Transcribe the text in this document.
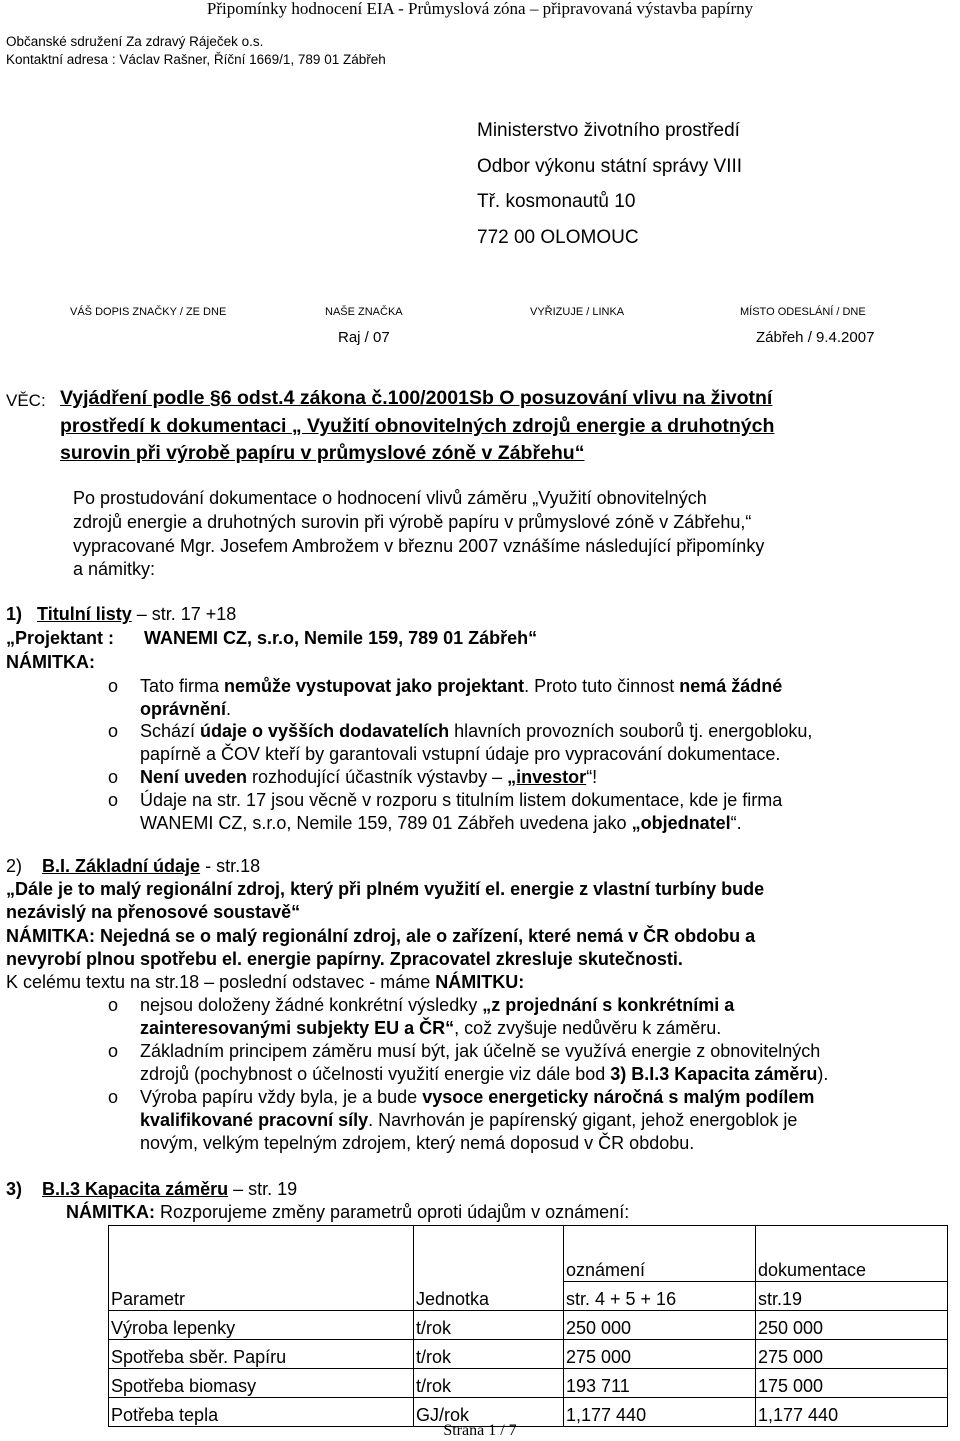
Připomínky hodnocení EIA - Průmyslová zóna – připravovaná výstavba papírny
Občanské sdružení Za zdravý Ráječek o.s.
Kontaktní adresa : Václav Rašner, Říční 1669/1, 789 01 Zábřeh
Ministerstvo životního prostředí
Odbor výkonu státní správy VIII
Tř. kosmonautů 10
772 00 OLOMOUC
VÁŠ DOPIS ZNAČKY / ZE DNE	NAŠE ZNAČKA	VYŘIZUJE / LINKA	MÍSTO ODESLÁNÍ / DNE
Raj / 07	Zábřeh / 9.4.2007
VĚC: Vyjádření podle §6 odst.4 zákona č.100/2001Sb O posuzování vlivu na životní
prostředí k dokumentaci „ Využití obnovitelných zdrojů energie a druhotných
surovin při výrobě papíru v průmyslové zóně v Zábřehu“
Po prostudování dokumentace o hodnocení vlivů záměru „Využití obnovitelných
zdrojů energie a druhotných surovin při výrobě papíru v průmyslové zóně v Zábřehu,“
vypracované Mgr. Josefem Ambrožem v březnu 2007 vznášíme následující připomínky
a námitky:
1) Titulní listy – str. 17 +18
„Projektant : WANEMI CZ, s.r.o, Nemile 159, 789 01 Zábřeh“
NÁMITKA:
o	Tato firma nemůže vystupovat jako projektant. Proto tuto činnost nemá žádné
oprávnění.
o	Schází údaje o vyšších dodavatelích hlavních provozních souborů tj. energobloku,
papírně a ČOV kteří by garantovali vstupní údaje pro vypracování dokumentace.
o	Není uveden rozhodující účastník výstavby – „investor“!
o	Údaje na str. 17 jsou věcně v rozporu s titulním listem dokumentace, kde je firma
WANEMI CZ, s.r.o, Nemile 159, 789 01 Zábřeh uvedena jako „objednatel“.
2) B.I. Základní údaje - str.18
„Dále je to malý regionální zdroj, který při plném využití el. energie z vlastní turbíny bude
nezávislý na přenosové soustavě“
NÁMITKA: Nejedná se o malý regionální zdroj, ale o zařízení, které nemá v ČR obdobu a
nevyrobí plnou spotřebu el. energie papírny. Zpracovatel zkresluje skutečnosti.
K celému textu na str.18 – poslední odstavec - máme NÁMITKU:
o	nejsou doloženy žádné konkrétní výsledky „z projednání s konkrétními a
zainteresovanými subjekty EU a ČR“, což zvyšuje nedůvěru k záměru.
o	Základním principem záměru musí být, jak účelně se využívá energie z obnovitelných
zdrojů (pochybnost o účelnosti využití energie viz dále bod 3) B.I.3 Kapacita záměru).
o	Výroba papíru vždy byla, je a bude vysoce energeticky náročná s malým podílem
kvalifikované pracovní síly. Navrhován je papírenský gigant, jehož energoblok je
novým, velkým tepelným zdrojem, který nemá doposud v ČR obdobu.
3) B.I.3 Kapacita záměru – str. 19
NÁMITKA: Rozporujeme změny parametrů oproti údajům v oznámení:
Parametr	Jednotka	oznámení	dokumentace
		str. 4 + 5 + 16	str.19
Výroba lepenky	t/rok	250 000	250 000
Spotřeba sběr. Papíru	t/rok	275 000	275 000
Spotřeba biomasy	t/rok	193 711	175 000
Potřeba tepla	GJ/rok	1,177 440	1,177 440
Strana 1 / 7
